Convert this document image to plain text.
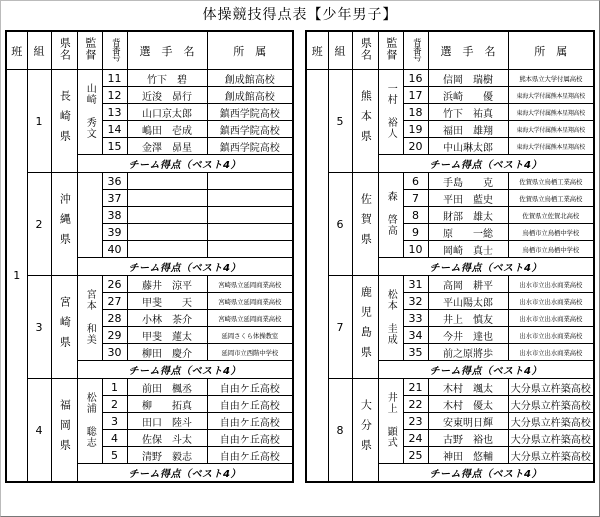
体操競技得点表【少年男子】
班	組	県名	監督	背番号	選　手　名	所　属
1	1	長崎県	山崎 秀文	11	竹下　碧	創成館高校
				12	近浚　昴行	創成館高校
				13	山口京太郎	鎮西学院高校
				14	嶋田　壱成	鎮西学院高校
				15	金澤　昴星	鎮西学院高校
			チーム得点（ベスト4）			
	2	沖縄県		36		
				37		
				38		
				39		
				40		
			チーム得点（ベスト4）			
	3	宮崎県	宮本 和美	26	藤井　涼平	宮崎県立延岡商業高校
				27	甲斐　　天	宮崎県立延岡商業高校
				28	小林　茶介	宮崎県立延岡商業高校
				29	甲斐　蓮太	延岡さくら体操教室
				30	柳田　慶介	延岡市立西階中学校
			チーム得点（ベスト4）			
	4	福岡県	松浦 聡志	1	前田　楓丞	自由ケ丘高校
				2	柳　　拓真	自由ケ丘高校
				3	田口　陸斗	自由ケ丘高校
				4	佐保　斗太	自由ケ丘高校
				5	清野　毅志	自由ケ丘高校
			チーム得点（ベスト4）			
班	組	県名	監督	背番号	選　手　名	所　属
	5	熊本県	一村 裕人	16	信岡　瑞樹	熊本県立大学付属高校
				17	浜崎　　優	東海大学付属熊本星翔高校
				18	竹下　祐真	東海大学付属熊本星翔高校
				19	福田　雄翔	東海大学付属熊本星翔高校
				20	中山琳太郎	東海大学付属熊本星翔高校
			チーム得点（ベスト4）			
	6	佐賀県	森 啓高	6	手島　　克	佐賀県立鳥栖工業高校
				7	平田　藍史	佐賀県立鳥栖工業高校
				8	財部　雄太	佐賀県立佐賀北高校
				9	原　　一総	鳥栖市立鳥栖中学校
				10	岡崎　真士	鳥栖市立鳥栖中学校
			チーム得点（ベスト4）			
	7	鹿児島県	松本 圭成	31	高岡　耕平	出水市立出水商業高校
				32	平山陽太郎	出水市立出水商業高校
				33	井上　慎友	出水市立出水商業高校
				34	今井　達也	出水市立出水商業高校
				35	前之原將歩	出水市立出水商業高校
			チーム得点（ベスト4）			
	8	大分県	井上 顕式	21	木村　颯太	大分県立杵築高校
				22	木村　優太	大分県立杵築高校
				23	安東明日輝	大分県立杵築高校
				24	古野　裕也	大分県立杵築高校
				25	神田　悠輔	大分県立杵築高校
			チーム得点（ベスト4）			
